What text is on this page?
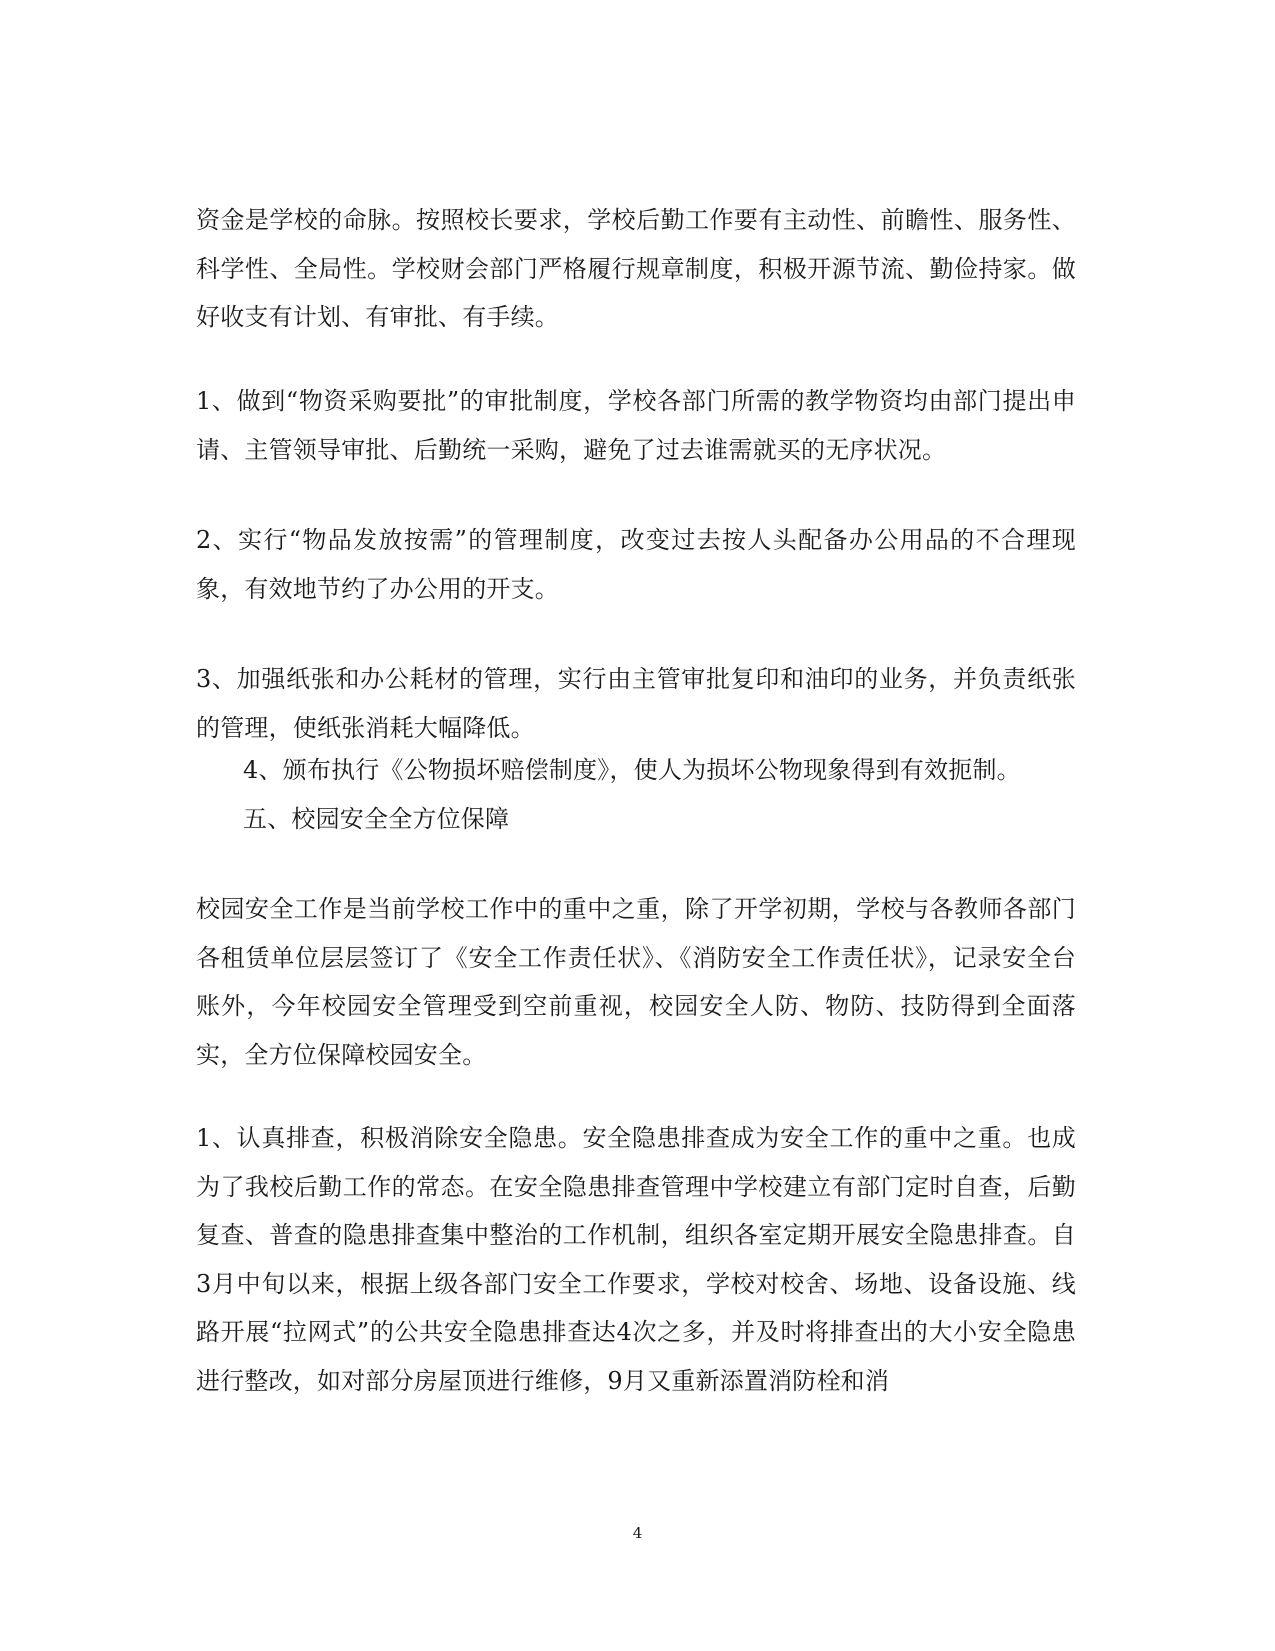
资金是学校的命脉。按照校长要求，学校后勤工作要有主动性、前瞻性、服务性、科学性、全局性。学校财会部门严格履行规章制度，积极开源节流、勤俭持家。做好收支有计划、有审批、有手续。

1、做到“物资采购要批”的审批制度，学校各部门所需的教学物资均由部门提出申请、主管领导审批、后勤统一采购，避免了过去谁需就买的无序状况。

2、实行“物品发放按需”的管理制度，改变过去按人头配备办公用品的不合理现象，有效地节约了办公用的开支。

3、加强纸张和办公耗材的管理，实行由主管审批复印和油印的业务，并负责纸张的管理，使纸张消耗大幅降低。

4、颁布执行《公物损坏赔偿制度》，使人为损坏公物现象得到有效扼制。

五、校园安全全方位保障

校园安全工作是当前学校工作中的重中之重，除了开学初期，学校与各教师各部门各租赁单位层层签订了《安全工作责任状》、《消防安全工作责任状》，记录安全台账外，今年校园安全管理受到空前重视，校园安全人防、物防、技防得到全面落实，全方位保障校园安全。

1、认真排查，积极消除安全隐患。安全隐患排查成为安全工作的重中之重。也成为了我校后勤工作的常态。在安全隐患排查管理中学校建立有部门定时自查，后勤复查、普查的隐患排查集中整治的工作机制，组织各室定期开展安全隐患排查。自3月中旬以来，根据上级各部门安全工作要求，学校对校舍、场地、设备设施、线路开展“拉网式”的公共安全隐患排查达4次之多，并及时将排查出的大小安全隐患进行整改，如对部分房屋顶进行维修，9月又重新添置消防栓和消

4
